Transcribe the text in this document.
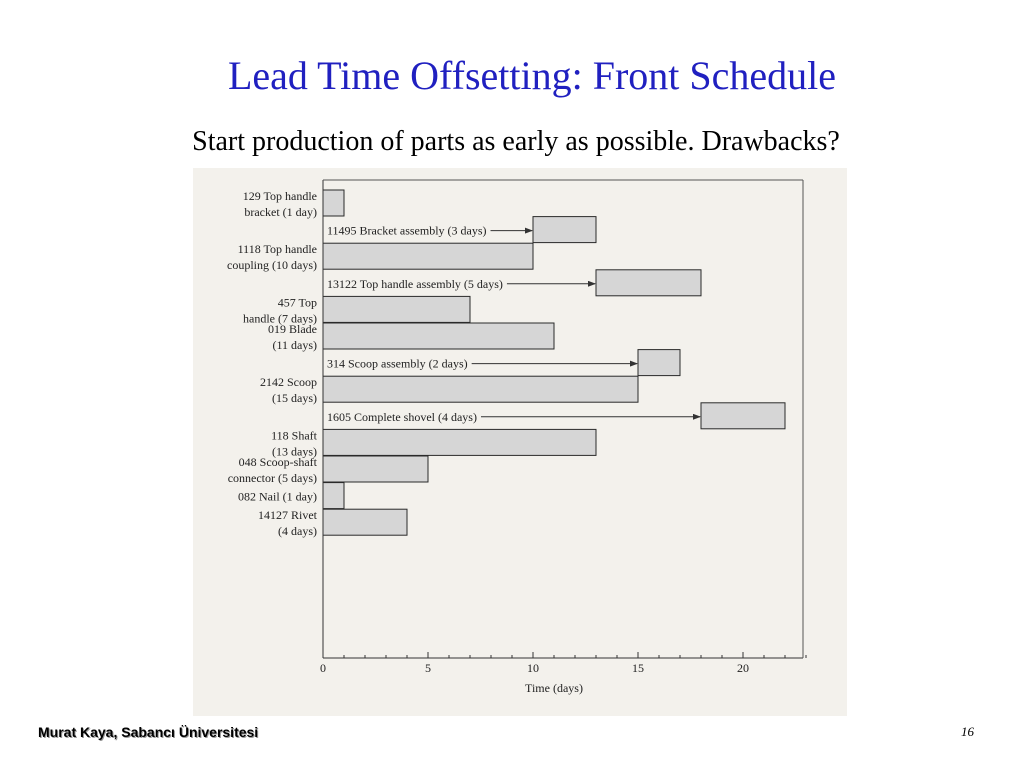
Lead Time Offsetting: Front Schedule
Start production of parts as early as possible. Drawbacks?
129 Top handle
bracket (1 day)
11495 Bracket assembly (3 days)
1118 Top handle
coupling (10 days)
13122 Top handle assembly (5 days)
457 Top
handle (7 days)
019 Blade
(11 days)
314 Scoop assembly (2 days)
2142 Scoop
(15 days)
1605 Complete shovel (4 days)
118 Shaft
(13 days)
048 Scoop-shaft
connector (5 days)
082 Nail (1 day)
14127 Rivet
(4 days)
0	5	10	15	20
Time (days)
Murat Kaya, Sabancı Üniversitesi	16
